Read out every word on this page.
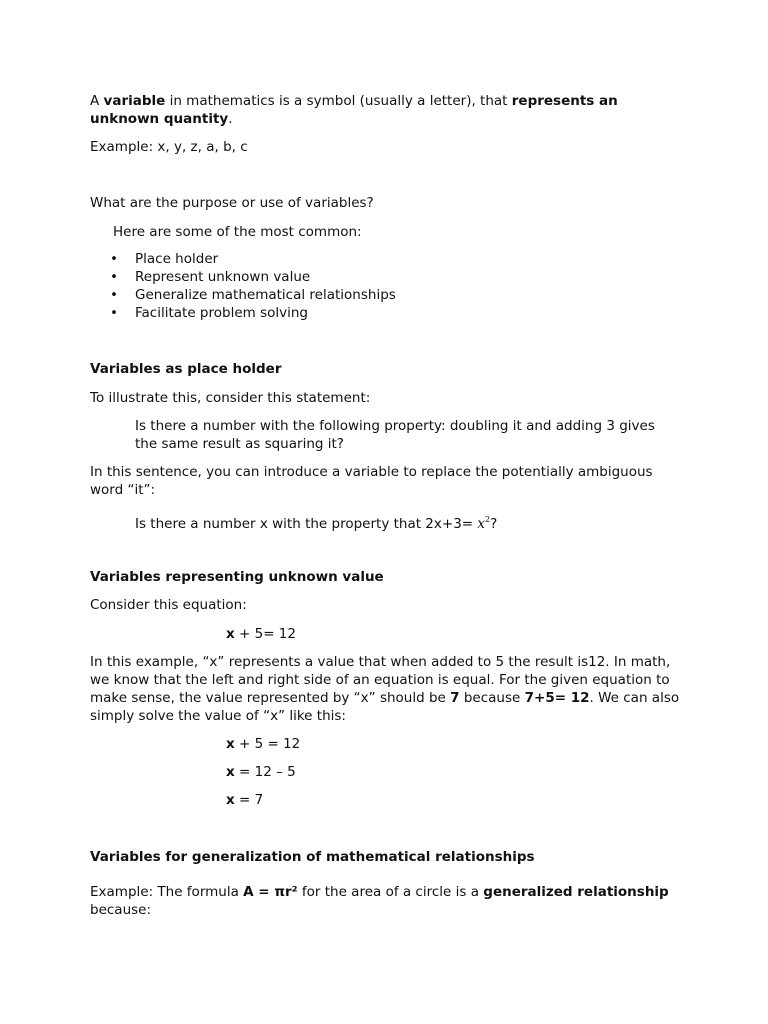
A variable in mathematics is a symbol (usually a letter), that represents an unknown quantity.
Example: x, y, z, a, b, c
What are the purpose or use of variables?
Here are some of the most common:
• Place holder
• Represent unknown value
• Generalize mathematical relationships
• Facilitate problem solving
Variables as place holder
To illustrate this, consider this statement:
Is there a number with the following property: doubling it and adding 3 gives the same result as squaring it?
In this sentence, you can introduce a variable to replace the potentially ambiguous word “it”:
Is there a number x with the property that $2x+3= x^2$?
Variables representing unknown value
Consider this equation:
x + 5= 12
In this example, “x” represents a value that when added to 5 the result is12. In math, we know that the left and right side of an equation is equal. For the given equation to make sense, the value represented by “x” should be 7 because 7+5= 12. We can also simply solve the value of “x” like this:
x + 5 = 12
x = 12 – 5
x = 7
Variables for generalization of mathematical relationships
Example: The formula A = πr² for the area of a circle is a generalized relationship because:
